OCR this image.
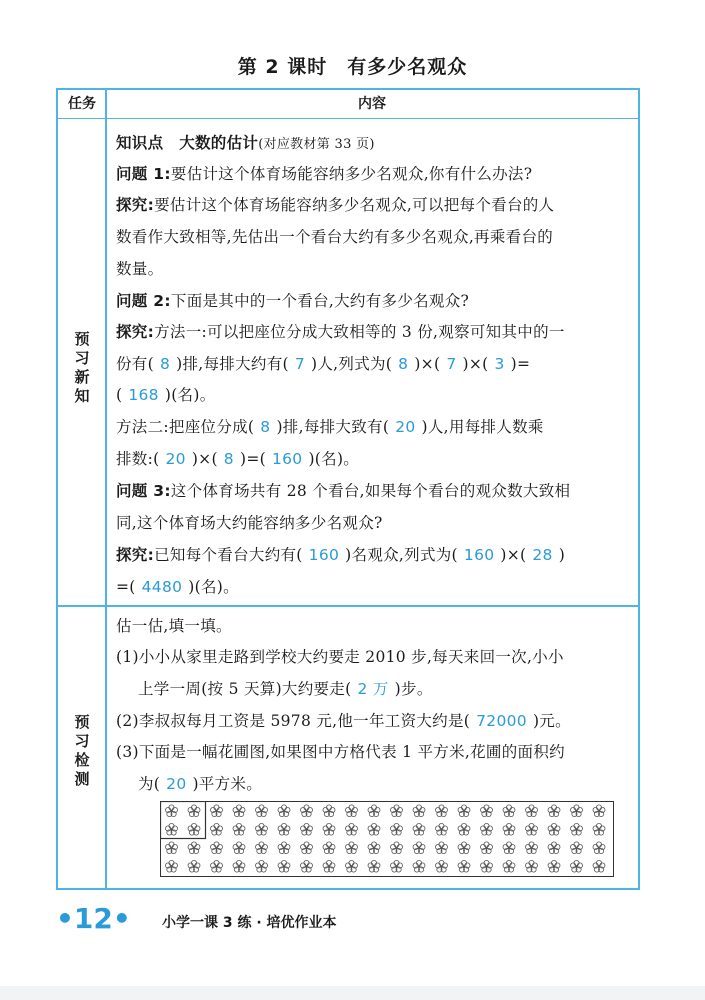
第 2 课时　有多少名观众
任务	内容
预
习
新
知
预
习
检
测
知识点　大数的估计(对应教材第 33 页)
问题 1:要估计这个体育场能容纳多少名观众,你有什么办法?
探究:要估计这个体育场能容纳多少名观众,可以把每个看台的人
数看作大致相等,先估出一个看台大约有多少名观众,再乘看台的
数量。
问题 2:下面是其中的一个看台,大约有多少名观众?
探究:方法一:可以把座位分成大致相等的 3 份,观察可知其中的一
份有( 8 )排,每排大约有( 7 )人,列式为( 8 )×( 7 )×( 3 )=
( 168 )(名)。
方法二:把座位分成( 8 )排,每排大致有( 20 )人,用每排人数乘
排数:( 20 )×( 8 )=( 160 )(名)。
问题 3:这个体育场共有 28 个看台,如果每个看台的观众数大致相
同,这个体育场大约能容纳多少名观众?
探究:已知每个看台大约有( 160 )名观众,列式为( 160 )×( 28 )
=( 4480 )(名)。
估一估,填一填。
(1)小小从家里走路到学校大约要走 2010 步,每天来回一次,小小
上学一周(按 5 天算)大约要走( 2 万 )步。
(2)李叔叔每月工资是 5978 元,他一年工资大约是( 72000 )元。
(3)下面是一幅花圃图,如果图中方格代表 1 平方米,花圃的面积约
为( 20 )平方米。
•12• 小学一课 3 练 · 培优作业本
